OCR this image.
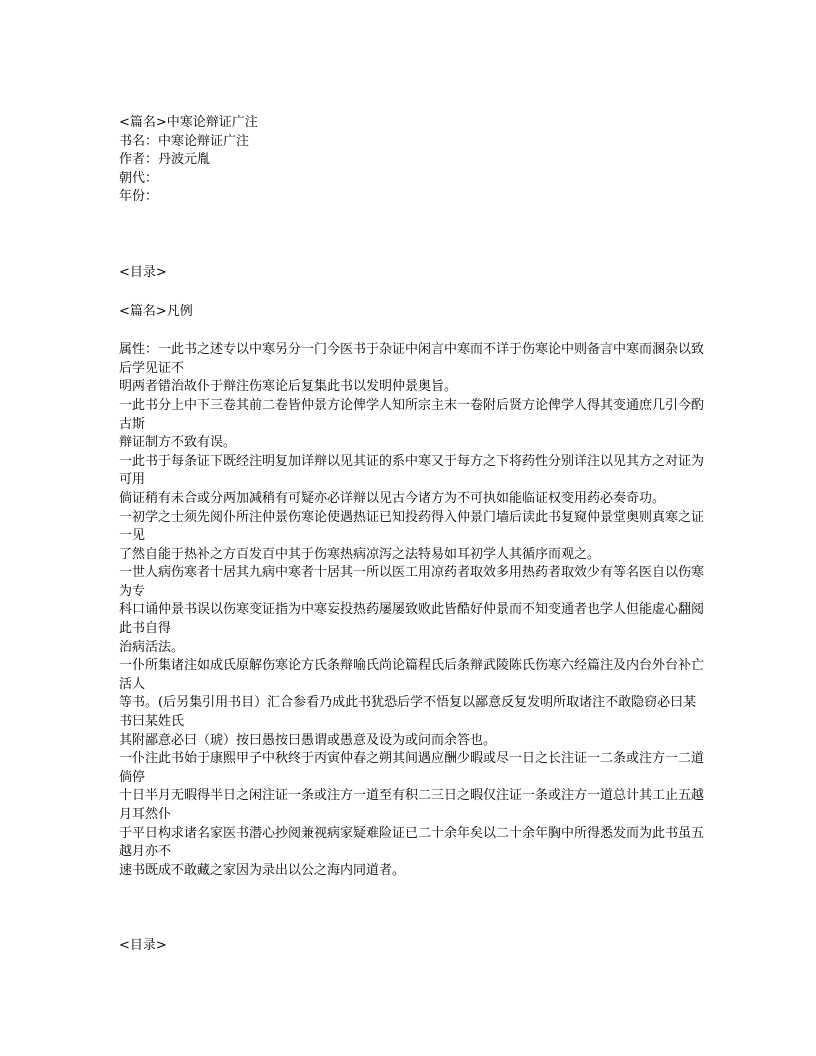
<篇名>中寒论辩证广注
书名：中寒论辩证广注
作者：丹波元胤
朝代：
年份：
<目录>
<篇名>凡例
属性：一此书之述专以中寒另分一门今医书于杂证中闲言中寒而不详于伤寒论中则备言中寒而溷杂以致后学见证不
明两者错治故仆于辩注伤寒论后复集此书以发明仲景奥旨。
一此书分上中下三卷其前二卷皆仲景方论俾学人知所宗主末一卷附后贤方论俾学人得其变通庶几引今酌古斯
辩证制方不致有误。
一此书于每条证下既经注明复加详辩以见其证的系中寒又于每方之下将药性分别详注以见其方之对证为可用
倘证稍有未合或分两加减稍有可疑亦必详辩以见古今诸方为不可执如能临证权变用药必奏奇功。
一初学之士须先阅仆所注仲景伤寒论使遇热证已知投药得入仲景门墙后读此书复窥仲景堂奥则真寒之证一见
了然自能于热补之方百发百中其于伤寒热病凉泻之法特易如耳初学人其循序而观之。
一世人病伤寒者十居其九病中寒者十居其一所以医工用凉药者取效多用热药者取效少有等名医自以伤寒为专
科口诵仲景书误以伤寒变证指为中寒妄投热药屡屡致败此皆酷好仲景而不知变通者也学人但能虚心翻阅此书自得
治病活法。
一仆所集诸注如成氏原解伤寒论方氏条辩喻氏尚论篇程氏后条辩武陵陈氏伤寒六经篇注及内台外台补亡活人
等书。(后另集引用书目）汇合参看乃成此书犹恐后学不悟复以鄙意反复发明所取诸注不敢隐窃必曰某书曰某姓氏
其附鄙意必曰（琥）按曰愚按曰愚谓或愚意及设为或问而余答也。
一仆注此书始于康熙甲子中秋终于丙寅仲春之朔其间遇应酬少暇或尽一日之长注证一二条或注方一二道倘停
十日半月无暇得半日之闲注证一条或注方一道至有积二三日之暇仅注证一条或注方一道总计其工止五越月耳然仆
于平日构求诸名家医书潜心抄阅兼视病家疑难险证已二十余年矣以二十余年胸中所得悉发而为此书虽五越月亦不
速书既成不敢藏之家因为录出以公之海内同道者。
<目录>
